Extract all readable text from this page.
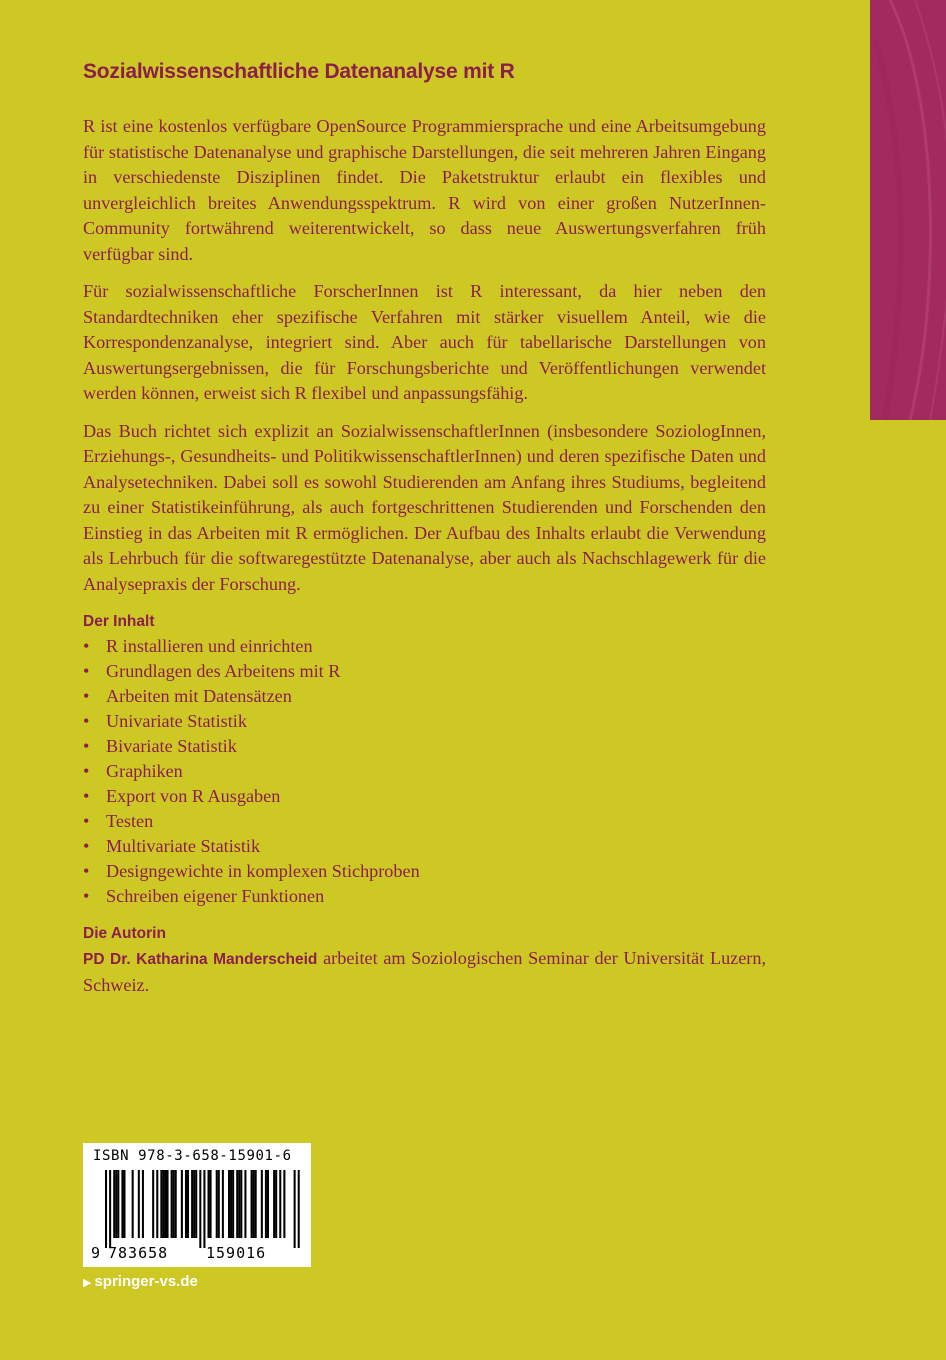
Sozialwissenschaftliche Datenanalyse mit R

R ist eine kostenlos verfügbare OpenSource Programmiersprache und eine Arbeitsumgebung für statistische Datenanalyse und graphische Darstellungen, die seit mehreren Jahren Eingang in verschiedenste Disziplinen findet. Die Paketstruktur erlaubt ein flexibles und unvergleichlich breites Anwendungsspektrum. R wird von einer großen NutzerInnen-Community fortwährend weiterentwickelt, so dass neue Auswertungsverfahren früh verfügbar sind.

Für sozialwissenschaftliche ForscherInnen ist R interessant, da hier neben den Standardtechniken eher spezifische Verfahren mit stärker visuellem Anteil, wie die Korrespondenzanalyse, integriert sind. Aber auch für tabellarische Darstellungen von Auswertungsergebnissen, die für Forschungsberichte und Veröffentlichungen verwendet werden können, erweist sich R flexibel und anpassungsfähig.

Das Buch richtet sich explizit an SozialwissenschaftlerInnen (insbesondere SoziologInnen, Erziehungs-, Gesundheits- und PolitikwissenschaftlerInnen) und deren spezifische Daten und Analysetechniken. Dabei soll es sowohl Studierenden am Anfang ihres Studiums, begleitend zu einer Statistikeinführung, als auch fortgeschrittenen Studierenden und Forschenden den Einstieg in das Arbeiten mit R ermöglichen. Der Aufbau des Inhalts erlaubt die Verwendung als Lehrbuch für die softwaregestützte Datenanalyse, aber auch als Nachschlagewerk für die Analysepraxis der Forschung.

Der Inhalt
• R installieren und einrichten
• Grundlagen des Arbeitens mit R
• Arbeiten mit Datensätzen
• Univariate Statistik
• Bivariate Statistik
• Graphiken
• Export von R Ausgaben
• Testen
• Multivariate Statistik
• Designgewichte in komplexen Stichproben
• Schreiben eigener Funktionen
Die Autorin

PD Dr. Katharina Manderscheid arbeitet am Soziologischen Seminar der Universität Luzern, Schweiz.

ISBN 978-3-658-15901-6
9 783658	159016
▶ springer-vs.de
